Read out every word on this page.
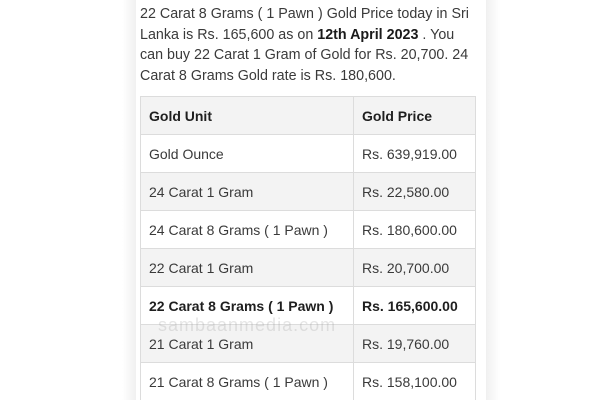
22 Carat 8 Grams ( 1 Pawn ) Gold Price today in Sri Lanka is Rs. 165,600 as on 12th April 2023 . You can buy 22 Carat 1 Gram of Gold for Rs. 20,700. 24 Carat 8 Grams Gold rate is Rs. 180,600.

Gold Unit	Gold Price
Gold Ounce	Rs. 639,919.00
24 Carat 1 Gram	Rs. 22,580.00
24 Carat 8 Grams ( 1 Pawn )	Rs. 180,600.00
22 Carat 1 Gram	Rs. 20,700.00
22 Carat 8 Grams ( 1 Pawn )	Rs. 165,600.00
21 Carat 1 Gram	Rs. 19,760.00
21 Carat 8 Grams ( 1 Pawn )	Rs. 158,100.00
sambaanmedia.com
